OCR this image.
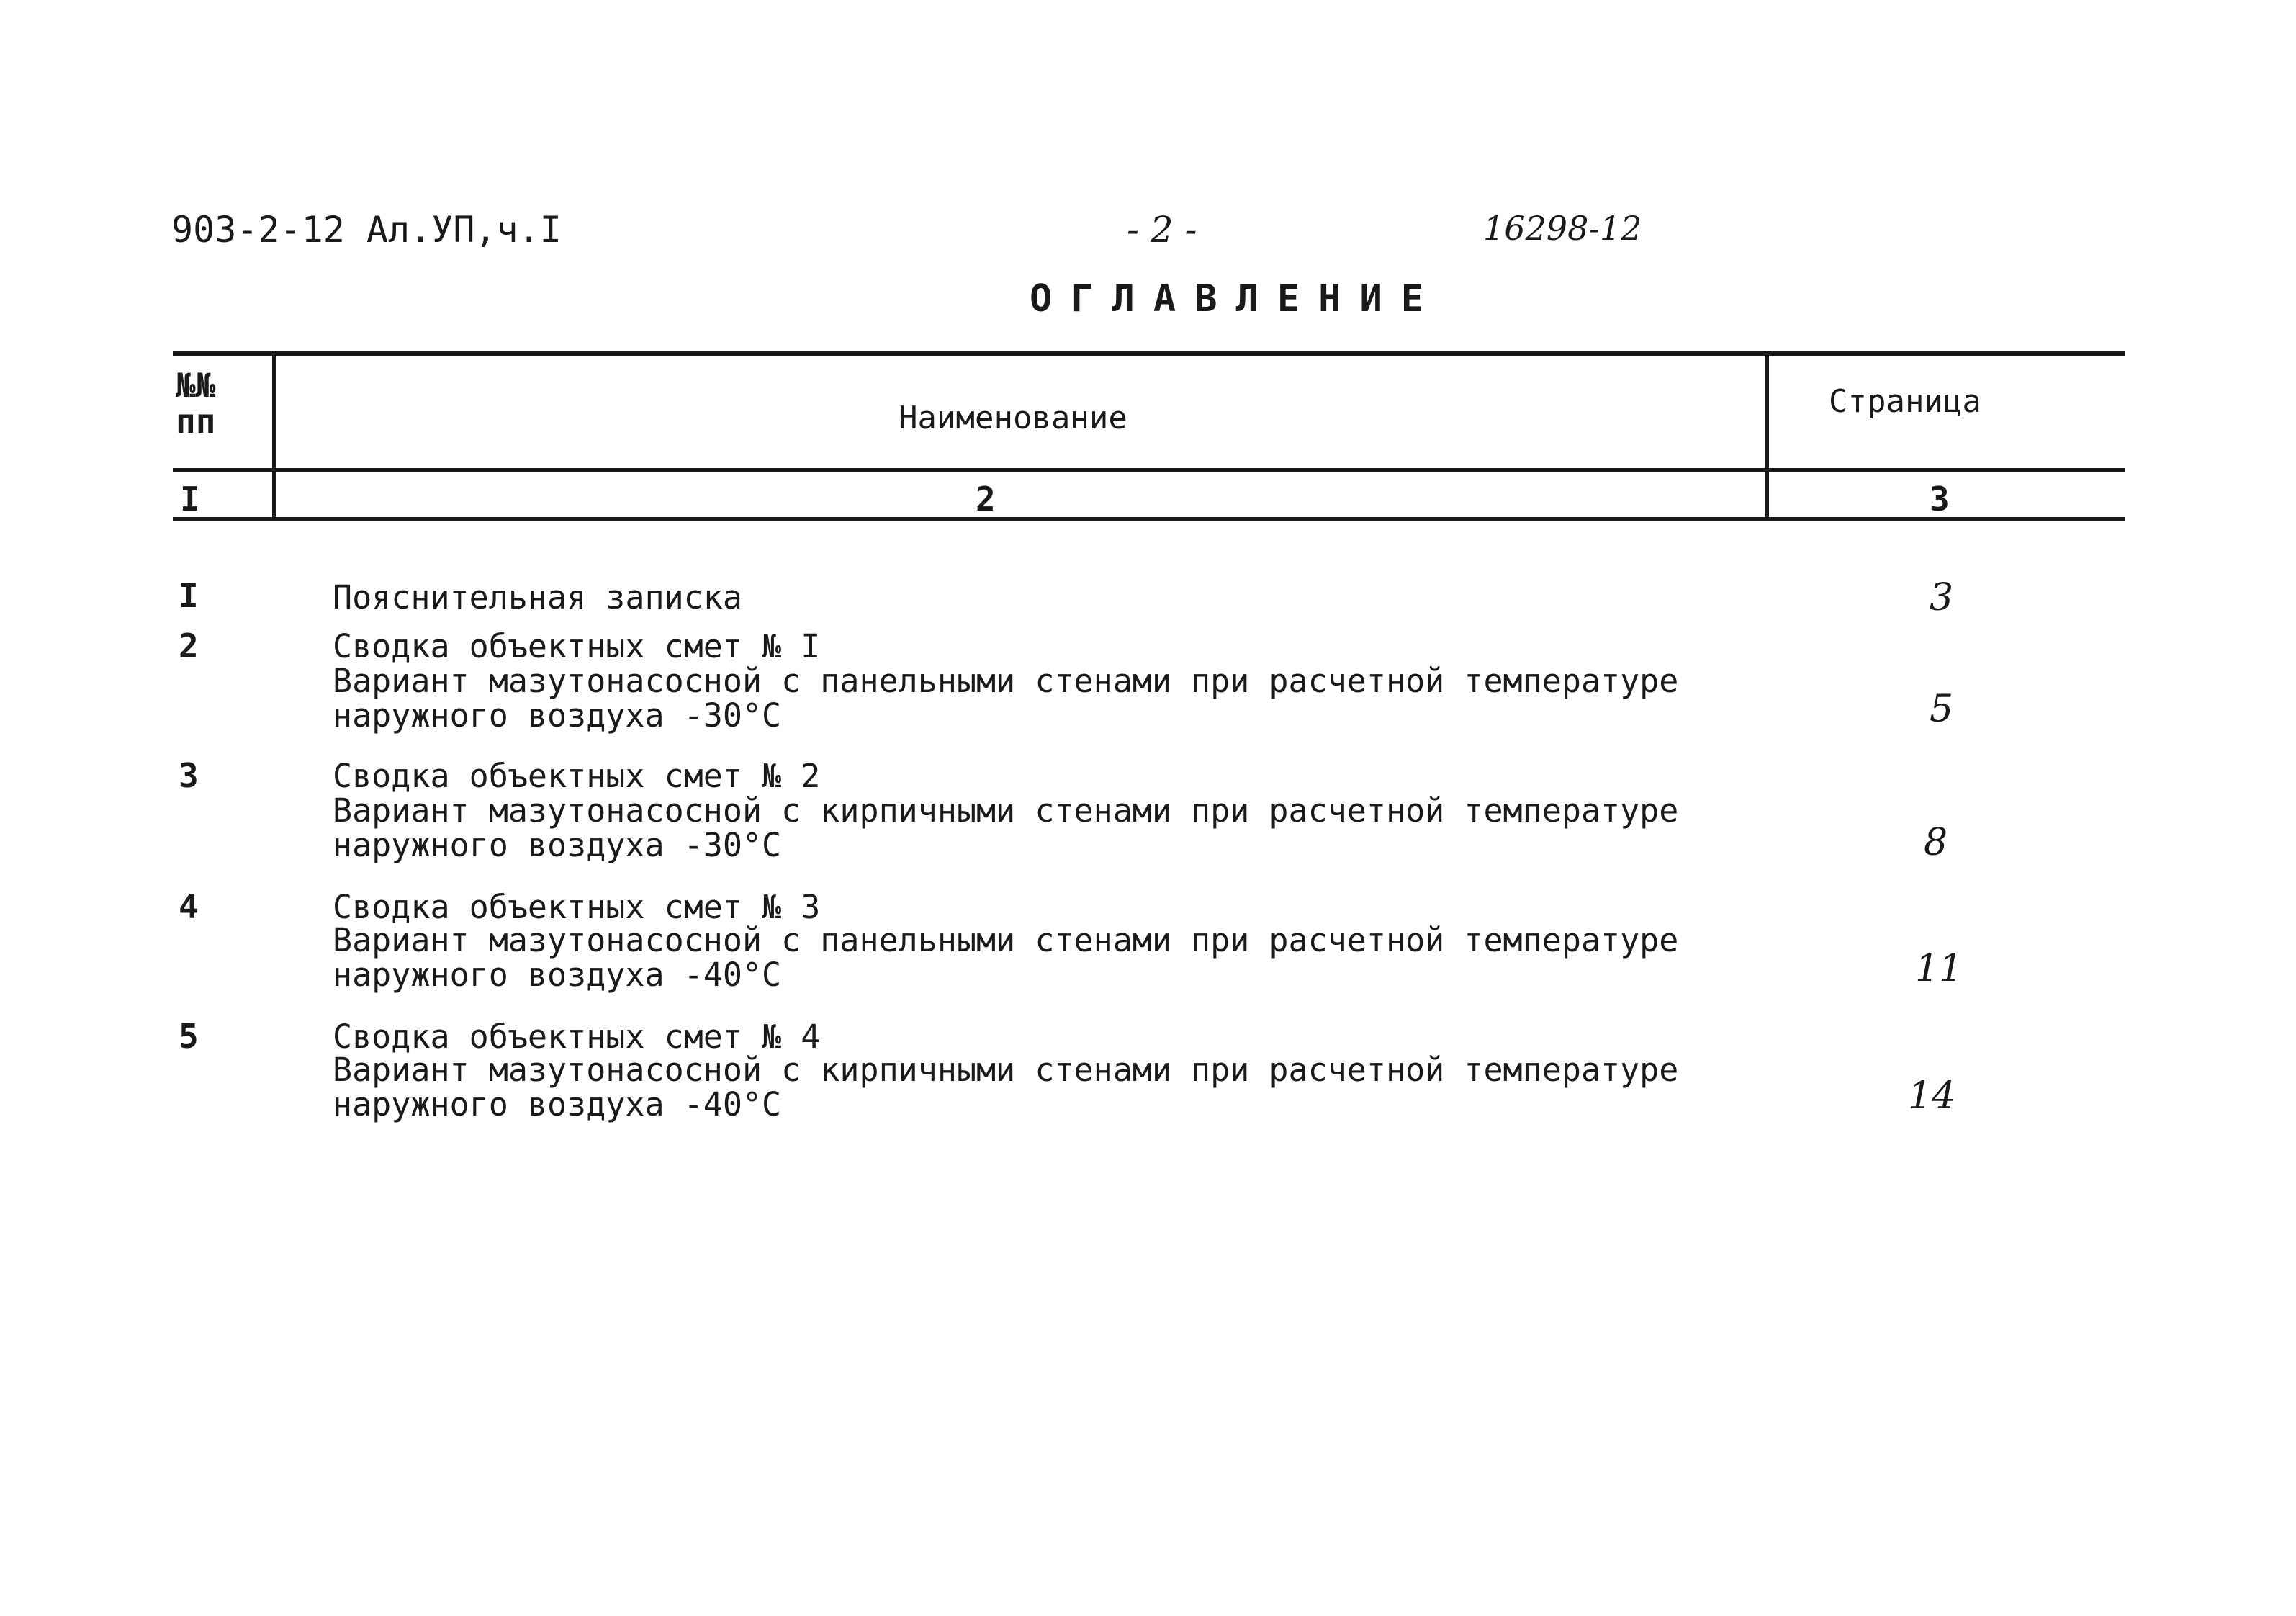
903-2-12 Ал.УП,ч.I	- 2 -	16298-12
ОГЛАВЛЕНИЕ
№№
пп	Наименование	Страница
I	2	3
I	Пояснительная записка	3
2	Сводка объектных смет № I
Вариант мазутонасосной с панельными стенами при расчетной температуре
наружного воздуха -30°С	5
3	Сводка объектных смет № 2
Вариант мазутонасосной с кирпичными стенами при расчетной температуре
наружного воздуха -30°С	8
4	Сводка объектных смет № 3
Вариант мазутонасосной с панельными стенами при расчетной температуре
наружного воздуха -40°С	11
5	Сводка объектных смет № 4
Вариант мазутонасосной с кирпичными стенами при расчетной температуре
наружного воздуха -40°С	14
